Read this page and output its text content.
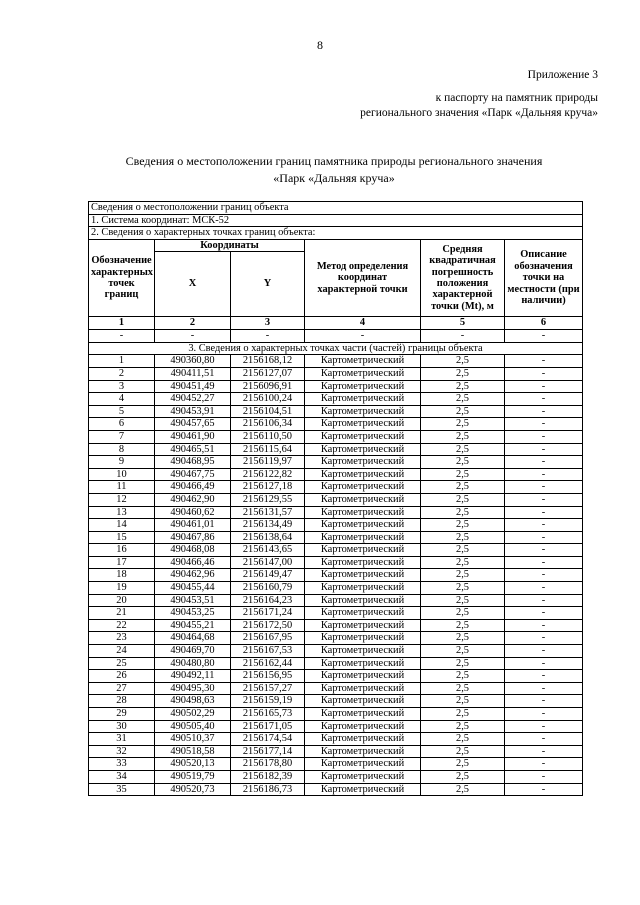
8
Приложение 3
к паспорту на памятник природы
регионального значения «Парк «Дальняя круча»
Сведения о местоположении границ памятника природы регионального значения
«Парк «Дальняя круча»
Сведения о местоположении границ объекта					
1. Система координат: МСК-52					
2. Сведения о характерных точках границ объекта:					
Обозначение характерных точек границ	Координаты		Метод определения координат характерной точки	Средняя квадратичная погрешность положения характерной точки (Mt), м	Описание обозначения точки на местности (при наличии)
	X	Y			
1	2	3	4	5	6
-	-	-	-	-	-
3. Сведения о характерных точках части (частей) границы объекта					
1	490360,80	2156168,12	Картометрический	2,5	-
2	490411,51	2156127,07	Картометрический	2,5	-
3	490451,49	2156096,91	Картометрический	2,5	-
4	490452,27	2156100,24	Картометрический	2,5	-
5	490453,91	2156104,51	Картометрический	2,5	-
6	490457,65	2156106,34	Картометрический	2,5	-
7	490461,90	2156110,50	Картометрический	2,5	-
8	490465,51	2156115,64	Картометрический	2,5	-
9	490468,95	2156119,97	Картометрический	2,5	-
10	490467,75	2156122,82	Картометрический	2,5	-
11	490466,49	2156127,18	Картометрический	2,5	-
12	490462,90	2156129,55	Картометрический	2,5	-
13	490460,62	2156131,57	Картометрический	2,5	-
14	490461,01	2156134,49	Картометрический	2,5	-
15	490467,86	2156138,64	Картометрический	2,5	-
16	490468,08	2156143,65	Картометрический	2,5	-
17	490466,46	2156147,00	Картометрический	2,5	-
18	490462,96	2156149,47	Картометрический	2,5	-
19	490455,44	2156160,79	Картометрический	2,5	-
20	490453,51	2156164,23	Картометрический	2,5	-
21	490453,25	2156171,24	Картометрический	2,5	-
22	490455,21	2156172,50	Картометрический	2,5	-
23	490464,68	2156167,95	Картометрический	2,5	-
24	490469,70	2156167,53	Картометрический	2,5	-
25	490480,80	2156162,44	Картометрический	2,5	-
26	490492,11	2156156,95	Картометрический	2,5	-
27	490495,30	2156157,27	Картометрический	2,5	-
28	490498,63	2156159,19	Картометрический	2,5	-
29	490502,29	2156165,73	Картометрический	2,5	-
30	490505,40	2156171,05	Картометрический	2,5	-
31	490510,37	2156174,54	Картометрический	2,5	-
32	490518,58	2156177,14	Картометрический	2,5	-
33	490520,13	2156178,80	Картометрический	2,5	-
34	490519,79	2156182,39	Картометрический	2,5	-
35	490520,73	2156186,73	Картометрический	2,5	-
